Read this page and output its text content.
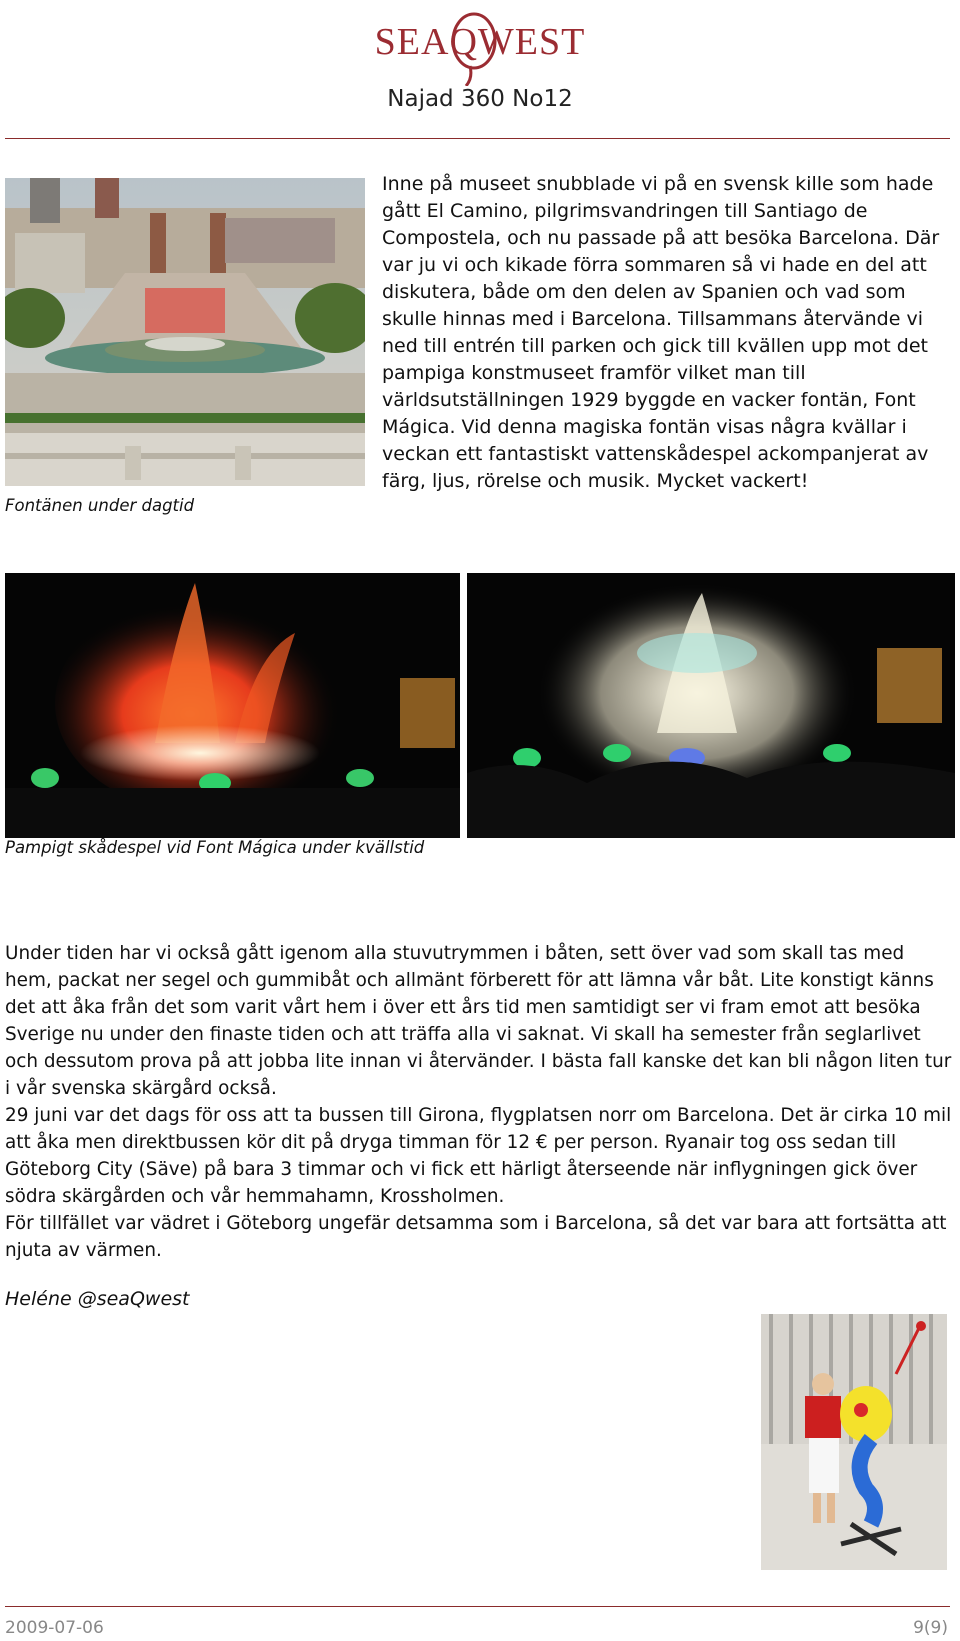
SEAQWEST
Najad 360 No12
Fontänen under dagtid

Inne på museet snubblade vi på en svensk kille som hade gått El Camino, pilgrimsvandringen till Santiago de Compostela, och nu passade på att besöka Barcelona. Där var ju vi och kikade förra sommaren så vi hade en del att diskutera, både om den delen av Spanien och vad som skulle hinnas med i Barcelona. Tillsammans återvände vi ned till entrén till parken och gick till kvällen upp mot det pampiga konstmuseet framför vilket man till världsutställningen 1929 byggde en vacker fontän, Font Mágica. Vid denna magiska fontän visas några kvällar i veckan ett fantastiskt vattenskådespel ackompanjerat av färg, ljus, rörelse och musik. Mycket vackert!

Pampigt skådespel vid Font Mágica under kvällstid

Under tiden har vi också gått igenom alla stuvutrymmen i båten, sett över vad som skall tas med hem, packat ner segel och gummibåt och allmänt förberett för att lämna vår båt. Lite konstigt känns det att åka från det som varit vårt hem i över ett års tid men samtidigt ser vi fram emot att besöka Sverige nu under den finaste tiden och att träffa alla vi saknat. Vi skall ha semester från seglarlivet och dessutom prova på att jobba lite innan vi återvänder. I bästa fall kanske det kan bli någon liten tur i vår svenska skärgård också.

29 juni var det dags för oss att ta bussen till Girona, flygplatsen norr om Barcelona. Det är cirka 10 mil att åka men direktbussen kör dit på dryga timman för 12 € per person. Ryanair tog oss sedan till Göteborg City (Säve) på bara 3 timmar och vi fick ett härligt återseende när inflygningen gick över södra skärgården och vår hemmahamn, Krossholmen.

För tillfället var vädret i Göteborg ungefär detsamma som i Barcelona, så det var bara att fortsätta att njuta av värmen.

Heléne @seaQwest
2009-07-06	9(9)
